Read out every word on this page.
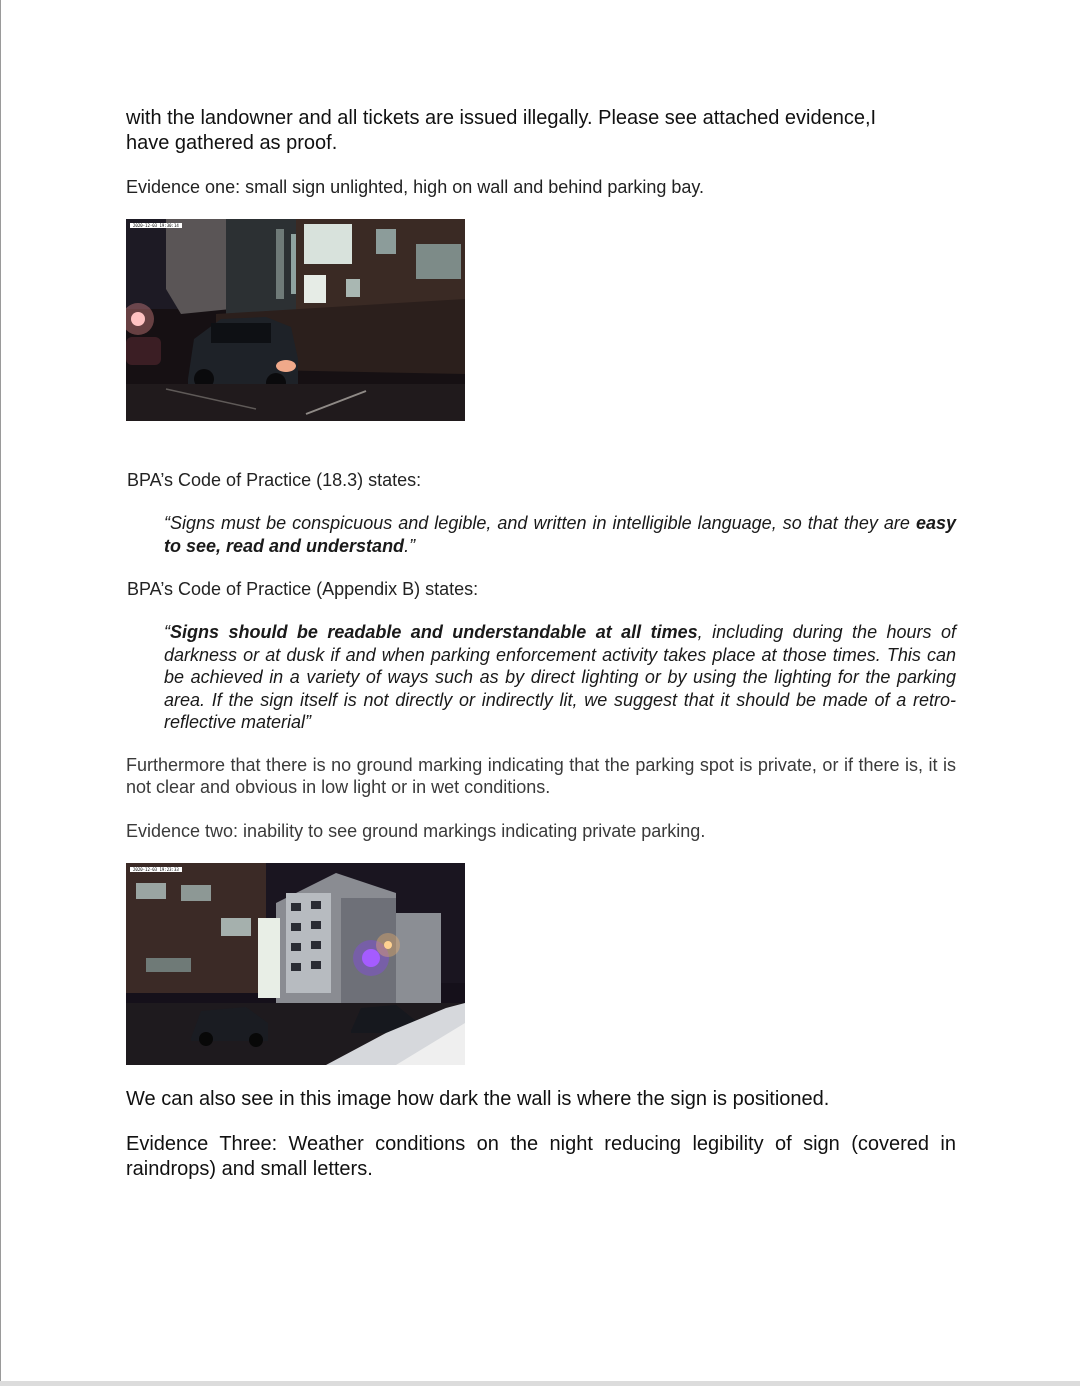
with the landowner and all tickets are issued illegally. Please see attached evidence,I
have gathered as proof.

Evidence one: small sign unlighted, high on wall and behind parking bay.

2020-12-03 19:30:14

BPA’s Code of Practice (18.3) states:

“Signs must be conspicuous and legible, and written in intelligible language, so that they are easy to see, read and understand.”

BPA’s Code of Practice (Appendix B) states:

“Signs should be readable and understandable at all times, including during the hours of darkness or at dusk if and when parking enforcement activity takes place at those times. This can be achieved in a variety of ways such as by direct lighting or by using the lighting for the parking area. If the sign itself is not directly or indirectly lit, we suggest that it should be made of a retro-reflective material”

Furthermore that there is no ground marking indicating that the parking spot is private, or if there is, it is not clear and obvious in low light or in wet conditions.

Evidence two: inability to see ground markings indicating private parking.

2020-12-03 19:23:33

We can also see in this image how dark the wall is where the sign is positioned.

Evidence Three: Weather conditions on the night reducing legibility of sign (covered in raindrops) and small letters.
